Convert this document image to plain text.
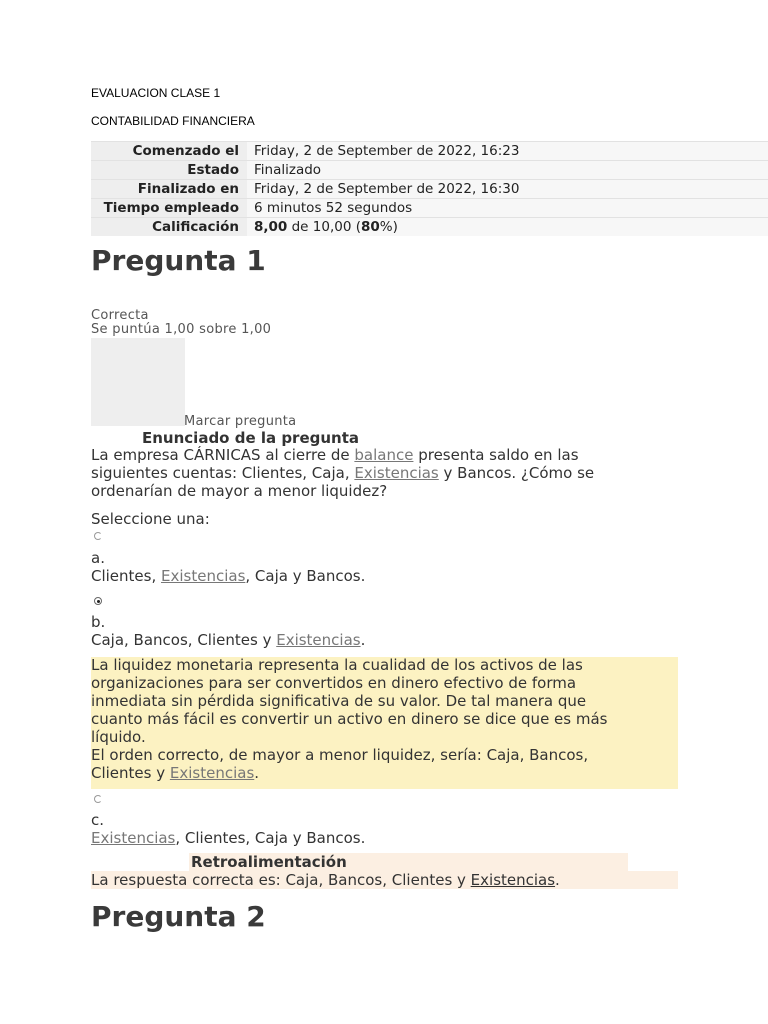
EVALUACION CLASE 1
CONTABILIDAD FINANCIERA
Comenzado el	Friday, 2 de September de 2022, 16:23
Estado	Finalizado
Finalizado en	Friday, 2 de September de 2022, 16:30
Tiempo empleado	6 minutos 52 segundos
Calificación	8,00 de 10,00 (80%)
Pregunta 1
Correcta
Se puntúa 1,00 sobre 1,00
Marcar pregunta
Enunciado de la pregunta
La empresa CÁRNICAS al cierre de balance presenta saldo en las
siguientes cuentas: Clientes, Caja, Existencias y Bancos. ¿Cómo se
ordenarían de mayor a menor liquidez?
Seleccione una:
a.
Clientes, Existencias, Caja y Bancos.
b.
Caja, Bancos, Clientes y Existencias.
La liquidez monetaria representa la cualidad de los activos de las
organizaciones para ser convertidos en dinero efectivo de forma
inmediata sin pérdida significativa de su valor. De tal manera que
cuanto más fácil es convertir un activo en dinero se dice que es más
líquido.
El orden correcto, de mayor a menor liquidez, sería: Caja, Bancos,
Clientes y Existencias.
c.
Existencias, Clientes, Caja y Bancos.
Retroalimentación
La respuesta correcta es: Caja, Bancos, Clientes y Existencias.
Pregunta 2
